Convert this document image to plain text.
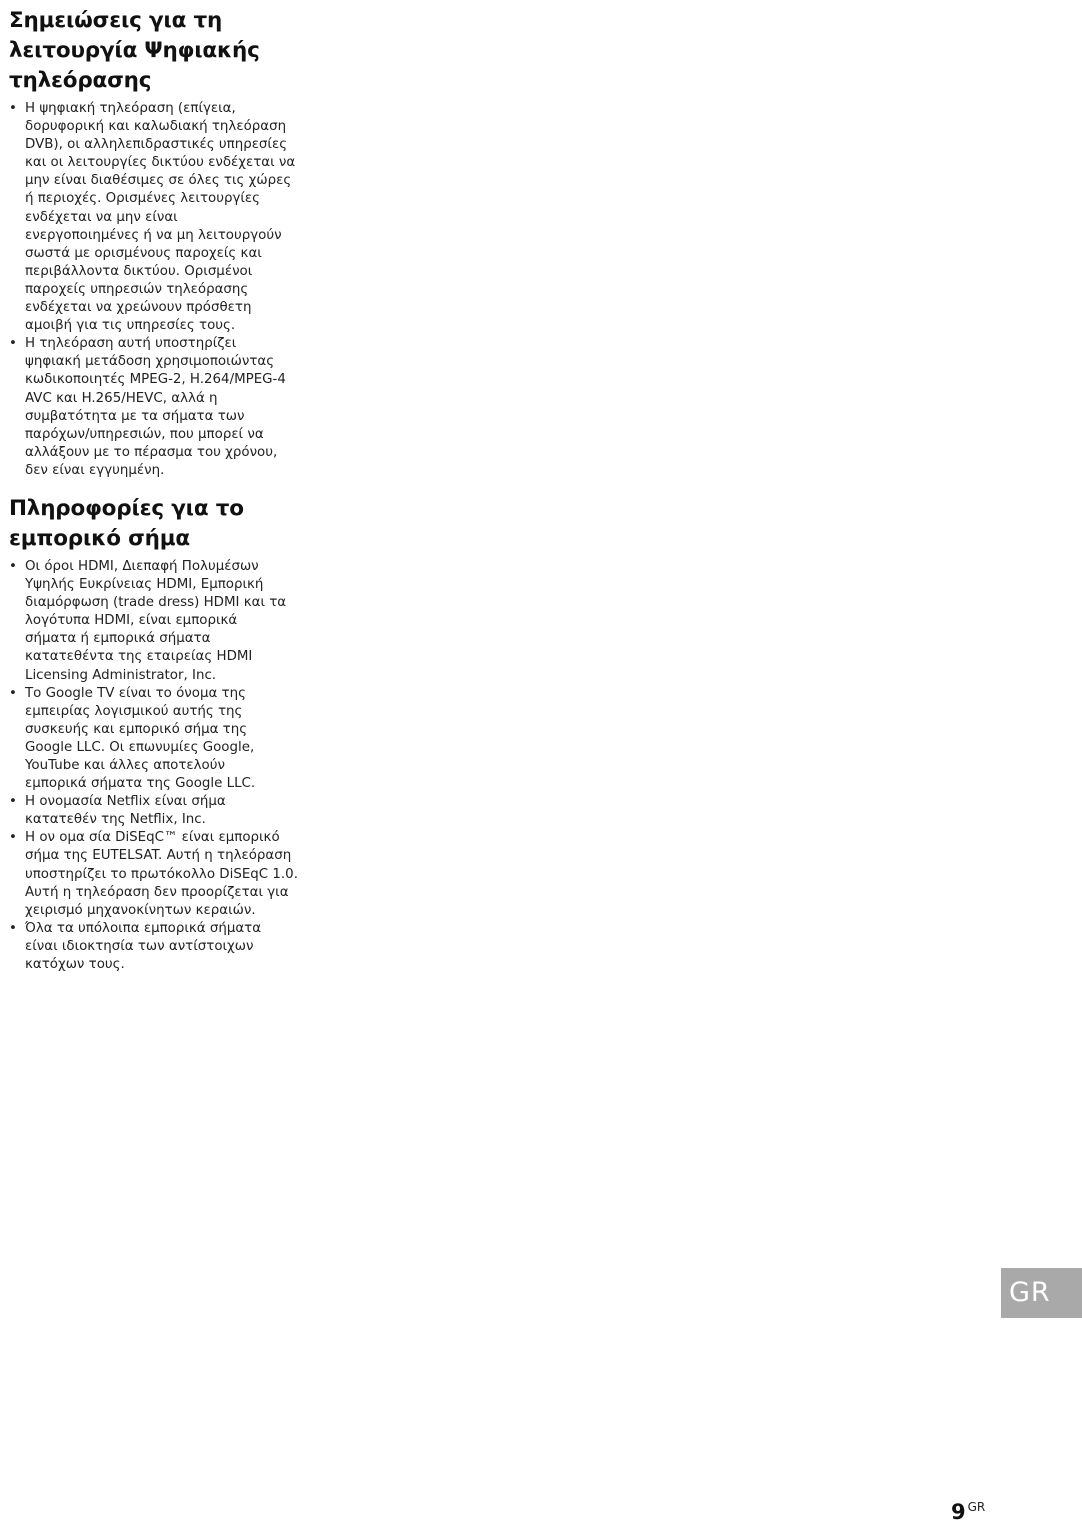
Σημειώσεις για τη
λειτουργία Ψηφιακής
τηλεόρασης
• Η ψηφιακή τηλεόραση (επίγεια,
δορυφορική και καλωδιακή τηλεόραση
DVB), οι αλληλεπιδραστικές υπηρεσίες
και οι λειτουργίες δικτύου ενδέχεται να
μην είναι διαθέσιμες σε όλες τις χώρες
ή περιοχές. Ορισμένες λειτουργίες
ενδέχεται να μην είναι
ενεργοποιημένες ή να μη λειτουργούν
σωστά με ορισμένους παροχείς και
περιβάλλοντα δικτύου. Ορισμένοι
παροχείς υπηρεσιών τηλεόρασης
ενδέχεται να χρεώνουν πρόσθετη
αμοιβή για τις υπηρεσίες τους.
• Η τηλεόραση αυτή υποστηρίζει
ψηφιακή μετάδοση χρησιμοποιώντας
κωδικοποιητές MPEG-2, H.264/MPEG-4
AVC και H.265/HEVC, αλλά η
συμβατότητα με τα σήματα των
παρόχων/υπηρεσιών, που μπορεί να
αλλάξουν με το πέρασμα του χρόνου,
δεν είναι εγγυημένη.
Πληροφορίες για το
εμπορικό σήμα
• Οι όροι HDMI, Διεπαφή Πολυμέσων
Υψηλής Ευκρίνειας HDMI, Εμπορική
διαμόρφωση (trade dress) HDMI και τα
λογότυπα HDMI, είναι εμπορικά
σήματα ή εμπορικά σήματα
κατατεθέντα της εταιρείας HDMI
Licensing Administrator, Inc.
• Το Google TV είναι το όνομα της
εμπειρίας λογισμικού αυτής της
συσκευής και εμπορικό σήμα της
Google LLC. Οι επωνυμίες Google,
YouTube και άλλες αποτελούν
εμπορικά σήματα της Google LLC.
• Η ονομασία Netflix είναι σήμα
κατατεθέν της Netflix, Inc.
• Η ον ομα σία DiSEqC™ είναι εμπορικό
σήμα της EUTELSAT. Αυτή η τηλεόραση
υποστηρίζει το πρωτόκολλο DiSEqC 1.0.
Αυτή η τηλεόραση δεν προορίζεται για
χειρισμό μηχανοκίνητων κεραιών.
• Όλα τα υπόλοιπα εμπορικά σήματα
είναι ιδιοκτησία των αντίστοιχων
κατόχων τους.
GR
9 $^{GR}$
